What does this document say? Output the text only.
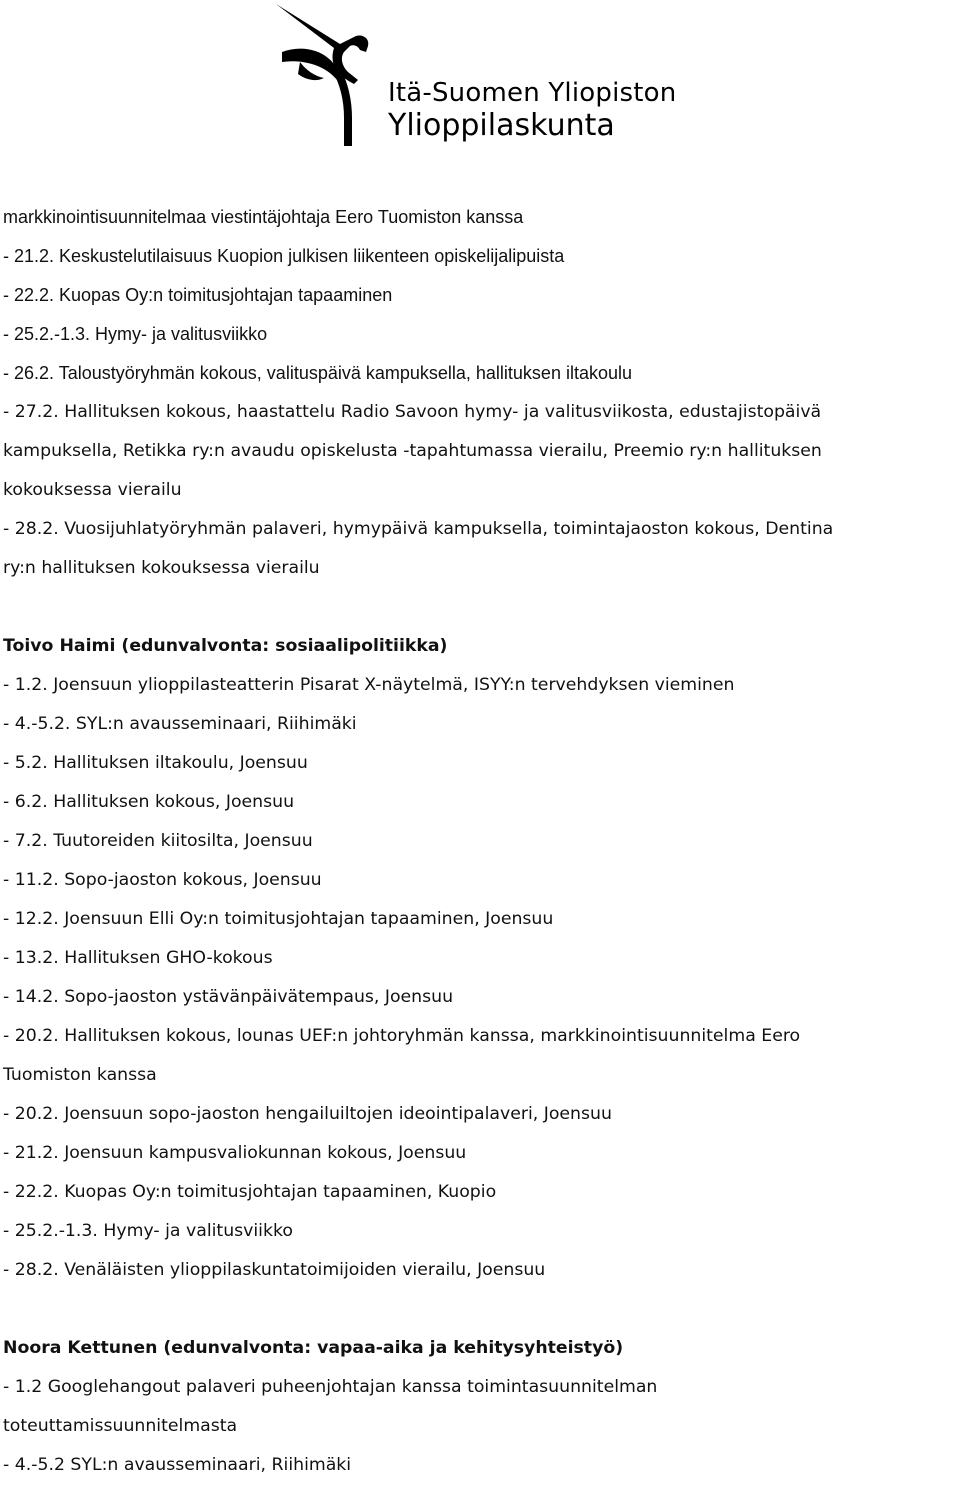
Itä-Suomen Yliopiston
Ylioppilaskunta
markkinointisuunnitelmaa viestintäjohtaja Eero Tuomiston kanssa
- 21.2. Keskustelutilaisuus Kuopion julkisen liikenteen opiskelijalipuista
- 22.2. Kuopas Oy:n toimitusjohtajan tapaaminen
- 25.2.-1.3. Hymy- ja valitusviikko
- 26.2. Taloustyöryhmän kokous, valituspäivä kampuksella, hallituksen iltakoulu
- 27.2. Hallituksen kokous, haastattelu Radio Savoon hymy- ja valitusviikosta, edustajistopäivä
kampuksella, Retikka ry:n avaudu opiskelusta -tapahtumassa vierailu, Preemio ry:n hallituksen
kokouksessa vierailu
- 28.2. Vuosijuhlatyöryhmän palaveri, hymypäivä kampuksella, toimintajaoston kokous, Dentina
ry:n hallituksen kokouksessa vierailu
Toivo Haimi (edunvalvonta: sosiaalipolitiikka)
- 1.2. Joensuun ylioppilasteatterin Pisarat X-näytelmä, ISYY:n tervehdyksen vieminen
- 4.-5.2. SYL:n avausseminaari, Riihimäki
- 5.2. Hallituksen iltakoulu, Joensuu
- 6.2. Hallituksen kokous, Joensuu
- 7.2. Tuutoreiden kiitosilta, Joensuu
- 11.2. Sopo-jaoston kokous, Joensuu
- 12.2. Joensuun Elli Oy:n toimitusjohtajan tapaaminen, Joensuu
- 13.2. Hallituksen GHO-kokous
- 14.2. Sopo-jaoston ystävänpäivätempaus, Joensuu
- 20.2. Hallituksen kokous, lounas UEF:n johtoryhmän kanssa, markkinointisuunnitelma Eero
Tuomiston kanssa
- 20.2. Joensuun sopo-jaoston hengailuiltojen ideointipalaveri, Joensuu
- 21.2. Joensuun kampusvaliokunnan kokous, Joensuu
- 22.2. Kuopas Oy:n toimitusjohtajan tapaaminen, Kuopio
- 25.2.-1.3. Hymy- ja valitusviikko
- 28.2. Venäläisten ylioppilaskuntatoimijoiden vierailu, Joensuu
Noora Kettunen (edunvalvonta: vapaa-aika ja kehitysyhteistyö)
- 1.2 Googlehangout palaveri puheenjohtajan kanssa toimintasuunnitelman
toteuttamissuunnitelmasta
- 4.-5.2 SYL:n avausseminaari, Riihimäki
